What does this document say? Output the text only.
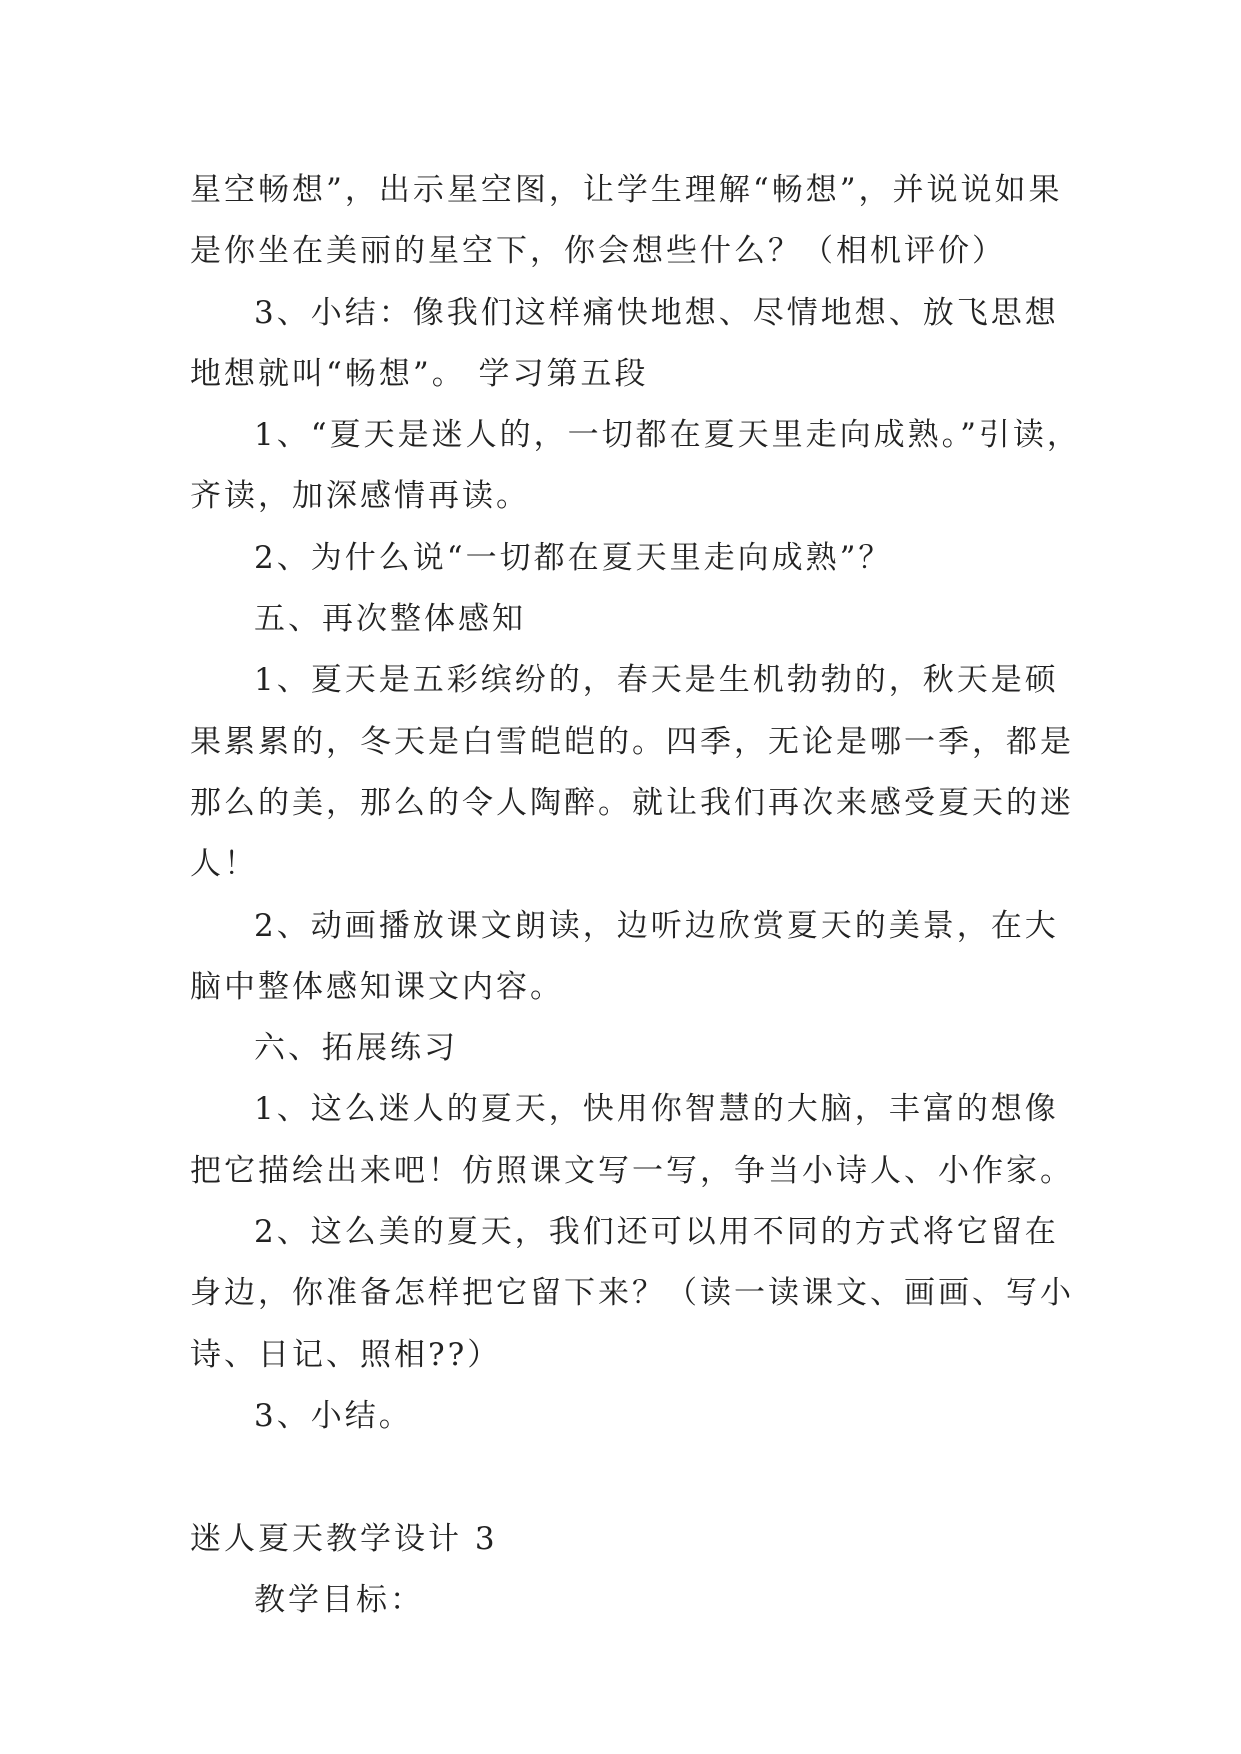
星空畅想”，出示星空图，让学生理解“畅想”，并说说如果
是你坐在美丽的星空下，你会想些什么？（相机评价）
3、小结：像我们这样痛快地想、尽情地想、放飞思想
地想就叫“畅想”。 学习第五段
1、“夏天是迷人的，一切都在夏天里走向成熟。”引读，
齐读，加深感情再读。
2、为什么说“一切都在夏天里走向成熟”？
五、再次整体感知
1、夏天是五彩缤纷的，春天是生机勃勃的，秋天是硕
果累累的，冬天是白雪皑皑的。四季，无论是哪一季，都是
那么的美，那么的令人陶醉。就让我们再次来感受夏天的迷
人！
2、动画播放课文朗读，边听边欣赏夏天的美景，在大
脑中整体感知课文内容。
六、拓展练习
1、这么迷人的夏天，快用你智慧的大脑，丰富的想像
把它描绘出来吧！仿照课文写一写，争当小诗人、小作家。
2、这么美的夏天，我们还可以用不同的方式将它留在
身边，你准备怎样把它留下来？（读一读课文、画画、写小
诗、日记、照相??）
3、小结。
迷人夏天教学设计 3
教学目标：
